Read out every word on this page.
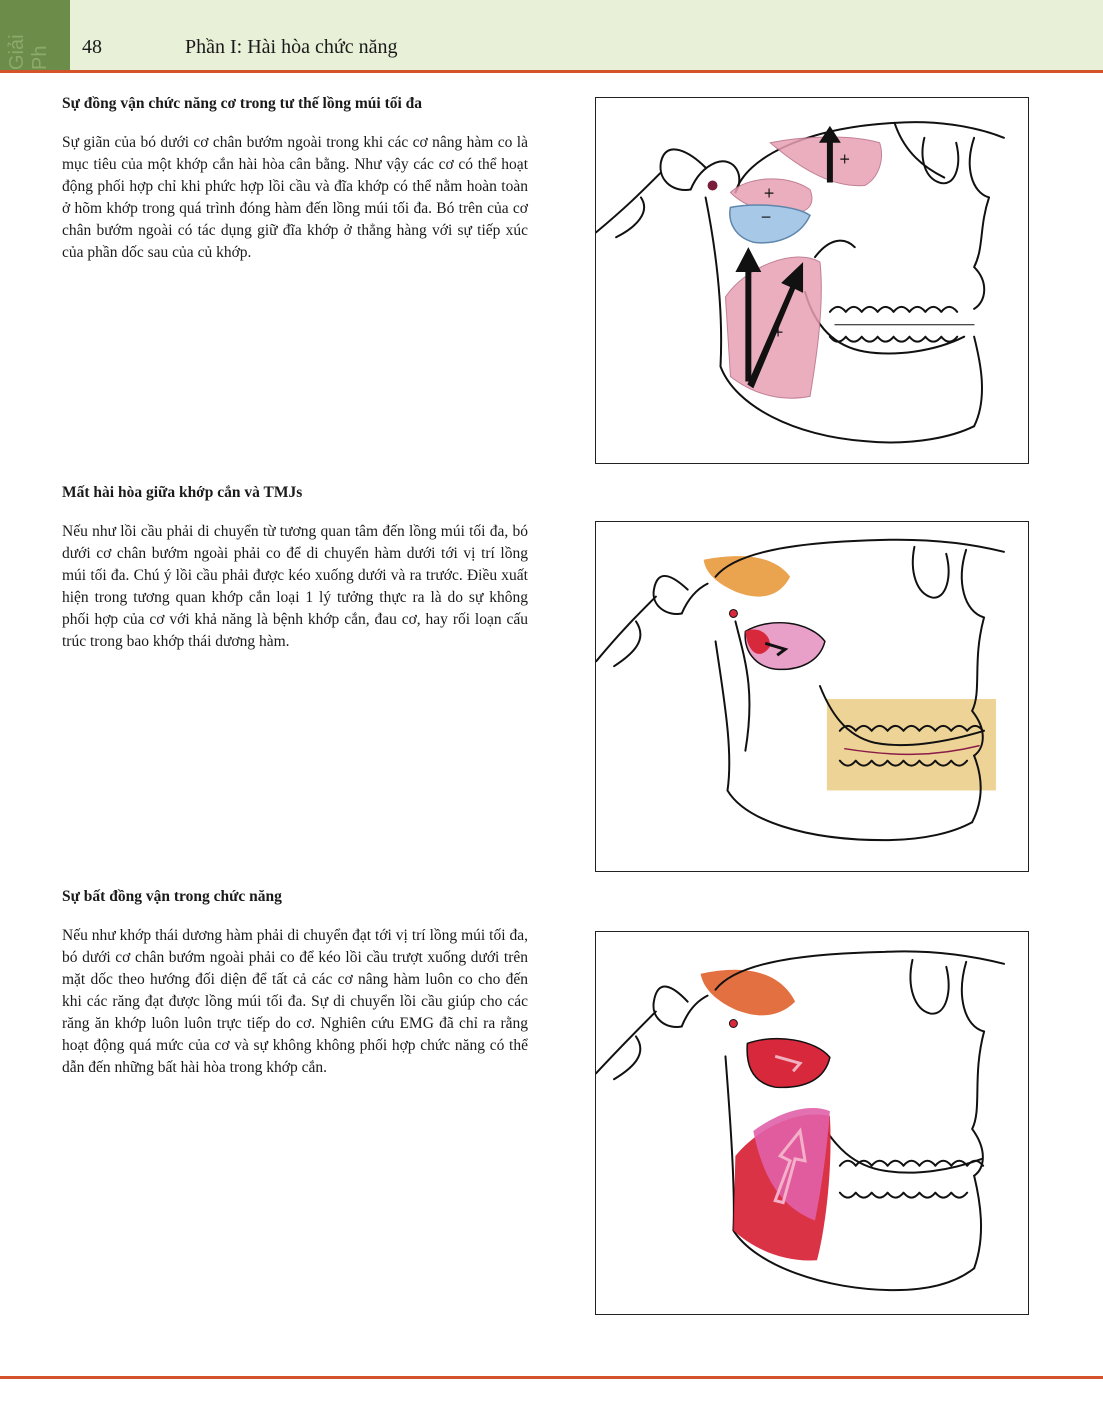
Giải Ph 48	Phần I: Hài hòa chức năng
Sự đồng vận chức năng cơ trong tư thế lồng múi tối đa

Sự giãn của bó dưới cơ chân bướm ngoài trong khi các cơ nâng hàm co là mục tiêu của một khớp cắn hài hòa cân bằng. Như vậy các cơ có thể hoạt động phối hợp chỉ khi phức hợp lồi cầu và đĩa khớp có thể nằm hoàn toàn ở hõm khớp trong quá trình đóng hàm đến lồng múi tối đa. Bó trên của cơ chân bướm ngoài có tác dụng giữ đĩa khớp ở thẳng hàng với sự tiếp xúc của phần dốc sau của củ khớp.

Mất hài hòa giữa khớp cắn và TMJs

Nếu như lồi cầu phải di chuyển từ tương quan tâm đến lồng múi tối đa, bó dưới cơ chân bướm ngoài phải co để di chuyển hàm dưới tới vị trí lồng múi tối đa. Chú ý lồi cầu phải được kéo xuống dưới và ra trước. Điều xuất hiện trong tương quan khớp cắn loại 1 lý tưởng thực ra là do sự không phối hợp của cơ với khả năng là bệnh khớp cắn, đau cơ, hay rối loạn cấu trúc trong bao khớp thái dương hàm.

Sự bất đồng vận trong chức năng

Nếu như khớp thái dương hàm phải di chuyển đạt tới vị trí lồng múi tối đa, bó dưới cơ chân bướm ngoài phải co để kéo lồi cầu trượt xuống dưới trên mặt dốc theo hướng đối diện để tất cả các cơ nâng hàm luôn co cho đến khi các răng đạt được lồng múi tối đa. Sự di chuyển lồi cầu giúp cho các răng ăn khớp luôn luôn trực tiếp do cơ. Nghiên cứu EMG đã chỉ ra rằng hoạt động quá mức của cơ và sự không không phối hợp chức năng có thể dẫn đến những bất hài hòa trong khớp cắn.

+
−
+
+
